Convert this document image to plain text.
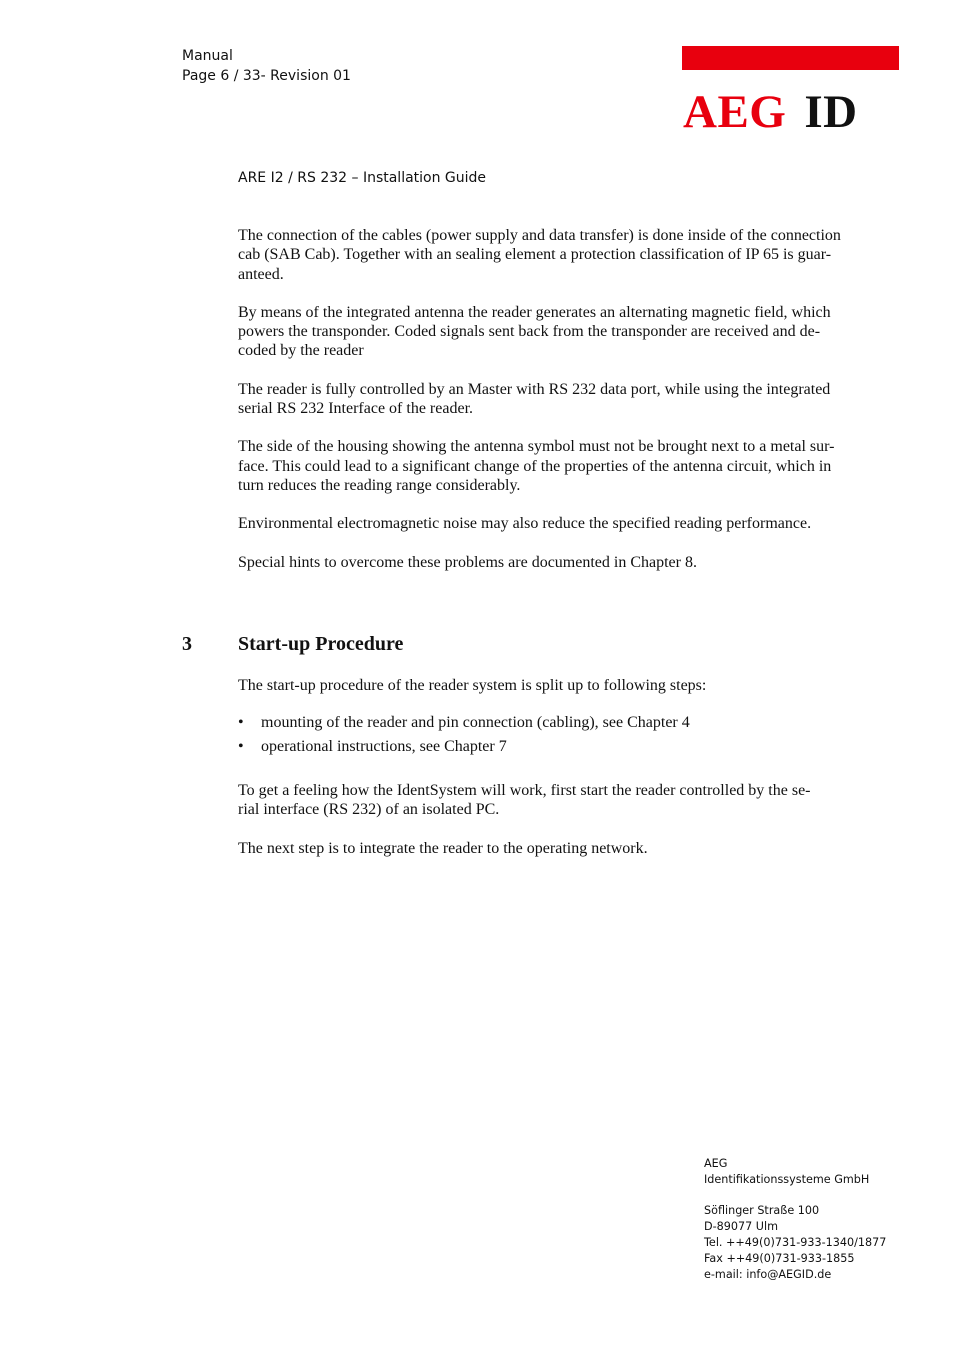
Manual
Page 6 / 33- Revision 01
AEG ID
ARE I2 / RS 232 – Installation Guide

The connection of the cables (power supply and data transfer) is done inside of the connection
cab (SAB Cab). Together with an sealing element a protection classification of IP 65 is guar-
anteed.

By means of the integrated antenna the reader generates an alternating magnetic field, which
powers the transponder. Coded signals sent back from the transponder are received and de-
coded by the reader

The reader is fully controlled by an Master with RS 232 data port, while using the integrated
serial RS 232 Interface of the reader.

The side of the housing showing the antenna symbol must not be brought next to a metal sur-
face. This could lead to a significant change of the properties of the antenna circuit, which in
turn reduces the reading range considerably.

Environmental electromagnetic noise may also reduce the specified reading performance.

Special hints to overcome these problems are documented in Chapter 8.

3 Start-up Procedure

The start-up procedure of the reader system is split up to following steps:

• mounting of the reader and pin connection (cabling), see Chapter 4
• operational instructions, see Chapter 7

To get a feeling how the IdentSystem will work, first start the reader controlled by the se-
rial interface (RS 232) of an isolated PC.

The next step is to integrate the reader to the operating network.

AEG
Identifikationssysteme GmbH
Söflinger Straße 100
D-89077 Ulm
Tel. ++49(0)731-933-1340/1877
Fax ++49(0)731-933-1855
e-mail: info@AEGID.de
